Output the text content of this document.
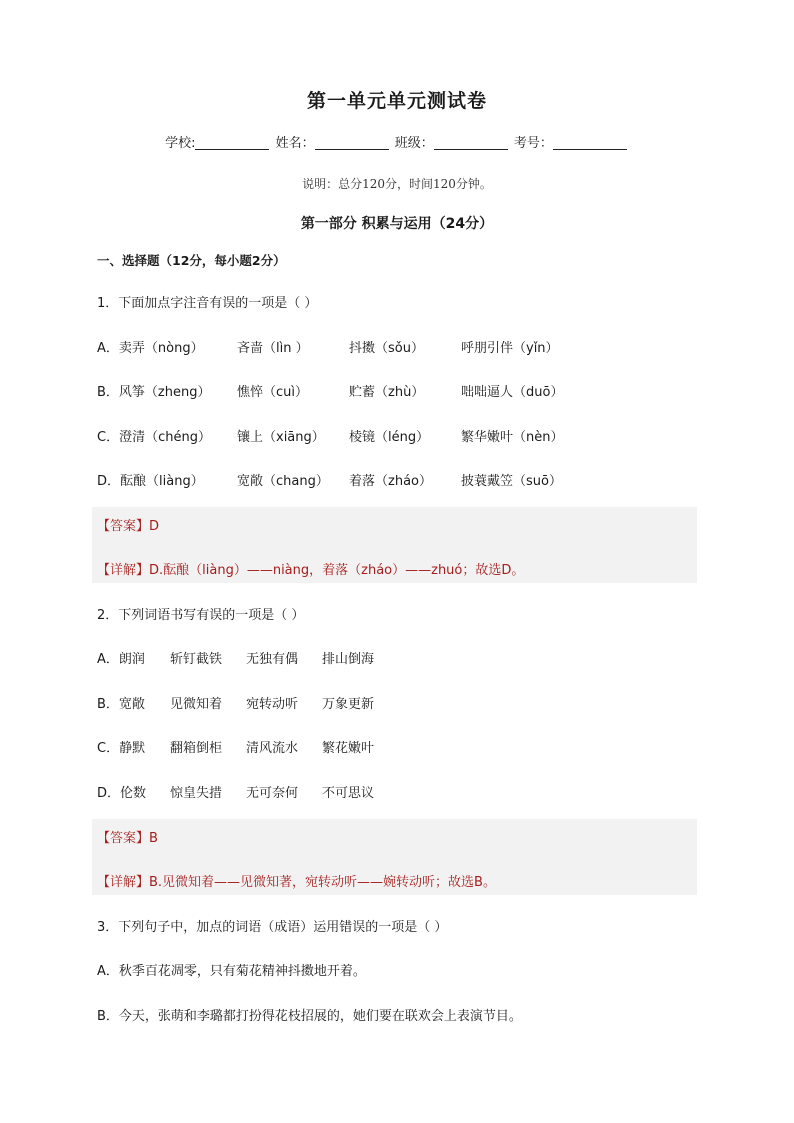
第一单元单元测试卷
学校:	姓名：	班级：	考号：
说明：总分120分，时间120分钟。
第一部分 积累与运用（24分）
一、选择题（12分，每小题2分）
1．下面加点字注音有误的一项是（ ）
A．卖弄（nòng）	吝啬（lìn ）	抖擞（sǒu）	呼朋引伴（yǐn）
B．风筝（zheng） 憔悴（cuì）	贮蓄（zhù）	咄咄逼人（duō）
C．澄清（chéng） 镶上（xiāng） 棱镜（léng） 繁华嫩叶（nèn）
D．酝酿（liàng）	宽敞（chang） 着落（zháo） 披蓑戴笠（suō）
【答案】D
【详解】D.酝酿（liàng）——niàng，着落（zháo）——zhuó；故选D。
2．下列词语书写有误的一项是（ ）
A．朗润 斩钉截铁 无独有偶 排山倒海
B．宽敞 见微知着 宛转动听 万象更新
C．静默 翻箱倒柜 清风流水 繁花嫩叶
D．伦数 惊皇失措 无可奈何 不可思议
【答案】B
【详解】B.见微知着——见微知著，宛转动听——婉转动听；故选B。
3．下列句子中，加点的词语（成语）运用错误的一项是（ ）
A．秋季百花凋零，只有菊花精神抖擞地开着。
B．今天，张萌和李璐都打扮得花枝招展的，她们要在联欢会上表演节目。
